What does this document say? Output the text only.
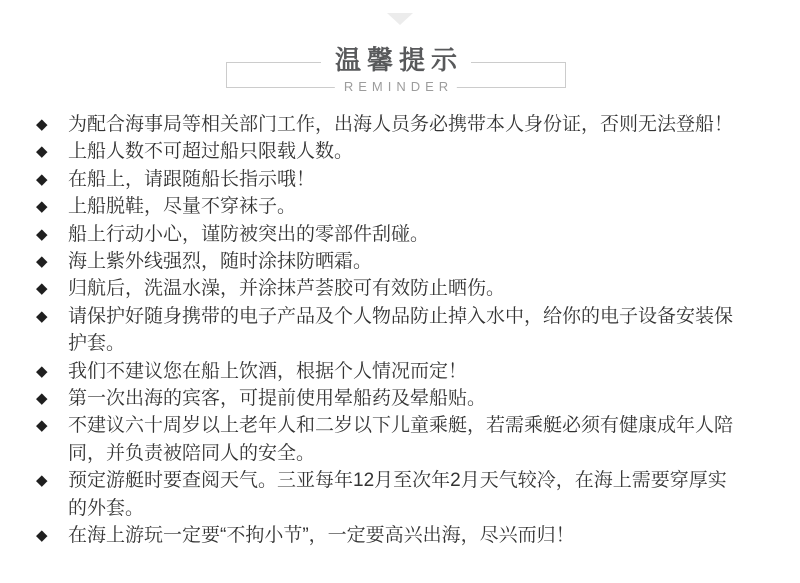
温馨提示
REMINDER
◆	为配合海事局等相关部门工作，出海人员务必携带本人身份证，否则无法登船！
◆	上船人数不可超过船只限载人数。
◆	在船上，请跟随船长指示哦！
◆	上船脱鞋，尽量不穿袜子。
◆	船上行动小心，谨防被突出的零部件刮碰。
◆	海上紫外线强烈，随时涂抹防晒霜。
◆	归航后，洗温水澡，并涂抹芦荟胶可有效防止晒伤。
◆	请保护好随身携带的电子产品及个人物品防止掉入水中，给你的电子设备安装保护套。
◆	我们不建议您在船上饮酒，根据个人情况而定！
◆	第一次出海的宾客，可提前使用晕船药及晕船贴。
◆	不建议六十周岁以上老年人和二岁以下儿童乘艇，若需乘艇必须有健康成年人陪同，并负责被陪同人的安全。
◆	预定游艇时要查阅天气。三亚每年12月至次年2月天气较冷，在海上需要穿厚实的外套。
◆	在海上游玩一定要“不拘小节”，一定要高兴出海，尽兴而归！
